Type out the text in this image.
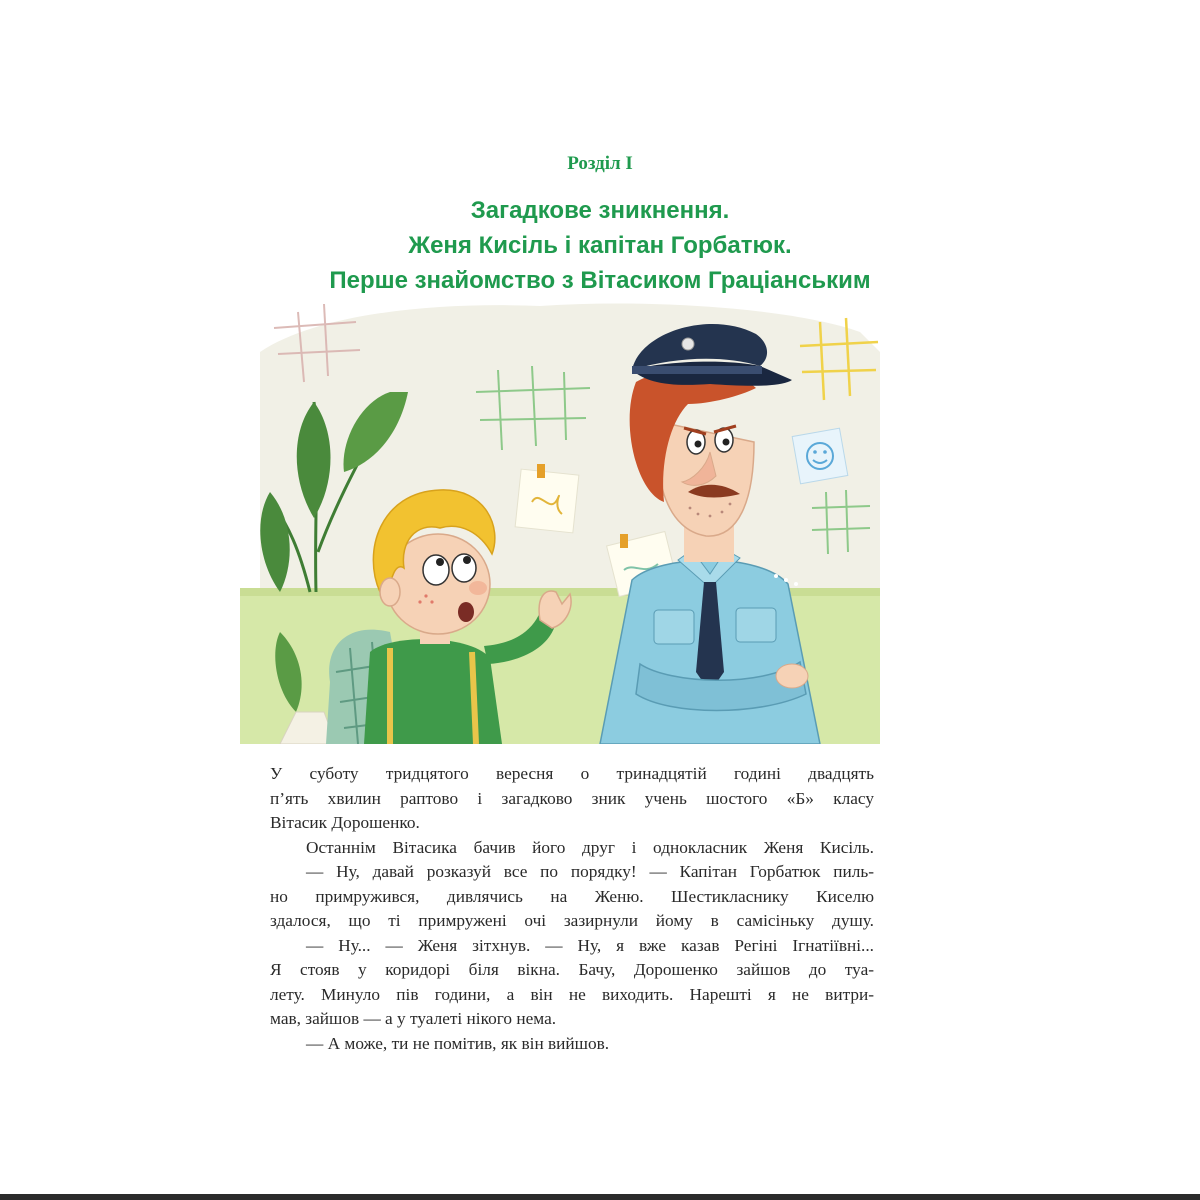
Розділ І
Загадкове зникнення.
Женя Кисіль і капітан Горбатюк.
Перше знайомство з Вітасиком Граціанським
У суботу тридцятого вересня о тринадцятій годині двадцять
п’ять хвилин раптово і загадково зник учень шостого «Б» класу
Вітасик Дорошенко.
Останнім Вітасика бачив його друг і однокласник Женя Кисіль.
— Ну, давай розказуй все по порядку! — Капітан Горбатюк пиль-
но примружився, дивлячись на Женю. Шестикласнику Киселю
здалося, що ті примружені очі зазирнули йому в самісіньку душу.
— Ну... — Женя зітхнув. — Ну, я вже казав Регіні Ігнатіївні...
Я стояв у коридорі біля вікна. Бачу, Дорошенко зайшов до туа-
лету. Минуло пів години, а він не виходить. Нарешті я не витри-
мав, зайшов — а у туалеті нікого нема.
— А може, ти не помітив, як він вийшов.
